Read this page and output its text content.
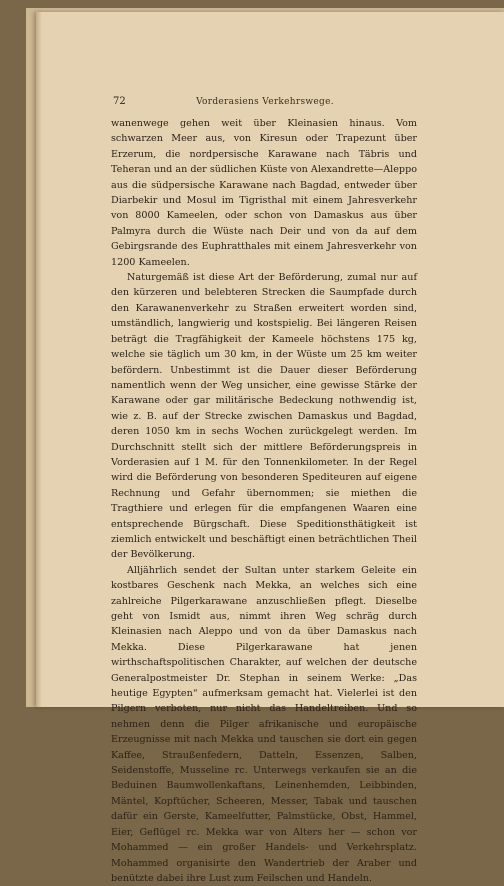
72	Vorderasiens Verkehrswege.

wanenwege gehen weit über Kleinasien hinaus. Vom schwarzen Meer aus, von Kiresun oder Trapezunt über Erzerum, die nordpersische Karawane nach Täbris und Teheran und an der südlichen Küste von Alexandrette—Aleppo aus die südpersische Karawane nach Bagdad, entweder über Diarbekir und Mosul im Tigristhal mit einem Jahresverkehr von 8000 Kameelen, oder schon von Damaskus aus über Palmyra durch die Wüste nach Deir und von da auf dem Gebirgsrande des Euphratthales mit einem Jahresverkehr von 1200 Kameelen.

Naturgemäß ist diese Art der Beförderung, zumal nur auf den kürzeren und belebteren Strecken die Saumpfade durch den Karawanenverkehr zu Straßen erweitert worden sind, umständlich, langwierig und kostspielig. Bei längeren Reisen beträgt die Tragfähigkeit der Kameele höchstens 175 kg, welche sie täglich um 30 km, in der Wüste um 25 km weiter befördern. Unbestimmt ist die Dauer dieser Beförderung namentlich wenn der Weg unsicher, eine gewisse Stärke der Karawane oder gar militärische Bedeckung nothwendig ist, wie z. B. auf der Strecke zwischen Damaskus und Bagdad, deren 1050 km in sechs Wochen zurückgelegt werden. Im Durchschnitt stellt sich der mittlere Beförderungspreis in Vorderasien auf 1 M. für den Tonnenkilometer. In der Regel wird die Beförderung von besonderen Spediteuren auf eigene Rechnung und Gefahr übernommen; sie miethen die Tragthiere und erlegen für die empfangenen Waaren eine entsprechende Bürgschaft. Diese Speditionsthätigkeit ist ziemlich entwickelt und beschäftigt einen beträchtlichen Theil der Bevölkerung.

Alljährlich sendet der Sultan unter starkem Geleite ein kostbares Geschenk nach Mekka, an welches sich eine zahlreiche Pilgerkarawane anzuschließen pflegt. Dieselbe geht von Ismidt aus, nimmt ihren Weg schräg durch Kleinasien nach Aleppo und von da über Damaskus nach Mekka. Diese Pilgerkarawane hat jenen wirthschaftspolitischen Charakter, auf welchen der deutsche Generalpostmeister Dr. Stephan in seinem Werke: „Das heutige Egypten“ aufmerksam gemacht hat. Vielerlei ist den Pilgern verboten, nur nicht das Handeltreiben. Und so nehmen denn die Pilger afrikanische und europäische Erzeugnisse mit nach Mekka und tauschen sie dort ein gegen Kaffee, Straußenfedern, Datteln, Essenzen, Salben, Seidenstoffe, Musseline rc. Unterwegs verkaufen sie an die Beduinen Baumwollenkaftans, Leinenhemden, Leibbinden, Mäntel, Kopftücher, Scheeren, Messer, Tabak und tauschen dafür ein Gerste, Kameelfutter, Palmstücke, Obst, Hammel, Eier, Geflügel rc. Mekka war von Alters her — schon vor Mohammed — ein großer Handels- und Verkehrsplatz. Mohammed organisirte den Wandertrieb der Araber und benützte dabei ihre Lust zum Feilschen und Handeln.
